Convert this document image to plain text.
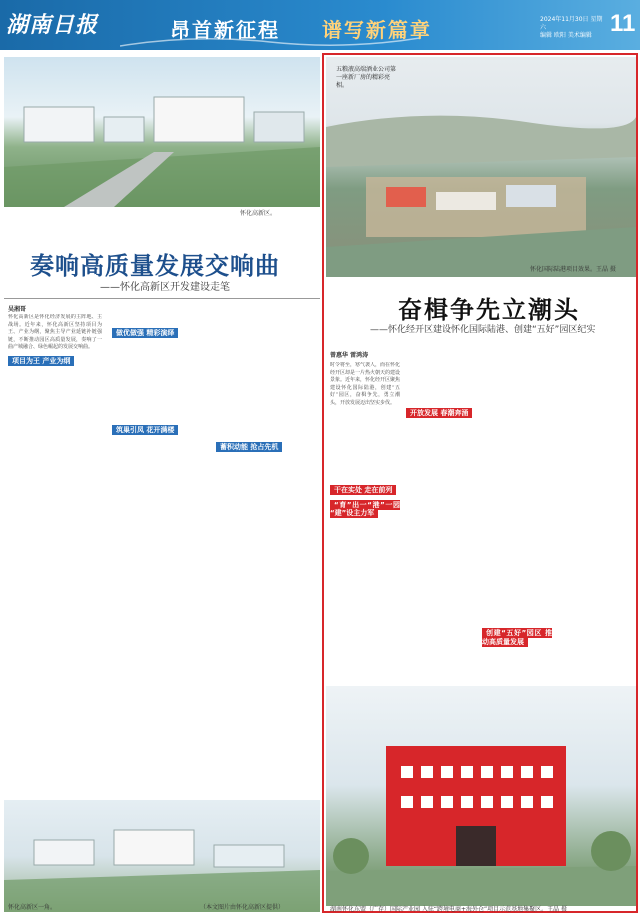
湖南日报	昂首新征程 谱写新篇章	2024年11月30日 星期六
编辑 欧阳 美术编辑 11
怀化高新区。
奏响高质量发展交响曲
——怀化高新区开发建设走笔
吴湘哥
怀化高新区是怀化经济发展的主阵地、主战场。近年来，怀化高新区坚持项目为王、产业为纲，聚焦主导产业延链补链强链，不断推动园区高质量发展，奏响了一曲产城融合、绿色崛起的发展交响曲。
项目为王 产业为纲
做优做强 精彩演绎
筑巢引凤 花开满楼
蓄积动能 抢占先机
怀化高新区一角。	（本文图片由怀化高新区提供）
五粮液高端酒业公司第一座新厂房的精彩亮相。
怀化国际陆港项目效果。王晶 摄
奋楫争先立潮头
——怀化经开区建设怀化国际陆港、创建“五好”园区纪实
曾惠华 雷鸿涛
时令将至，寒气袭人，而在怀化经开区却是一片热火朝天的建设景象。近年来，怀化经开区聚焦建设怀化国际陆港，创建“五好”园区，奋楫争先，勇立潮头，开放发展迈出坚实步伐。
干在实处 走在前列
“育”出一“港”一园 “建”设主力军
开放发展 春潮奔涌
创建“五好”园区 推动高质量发展
湖南怀化东盟（广存）国际产业园 入驻“跨境电商+海外仓”项目示范基地集聚区。王晶 摄
